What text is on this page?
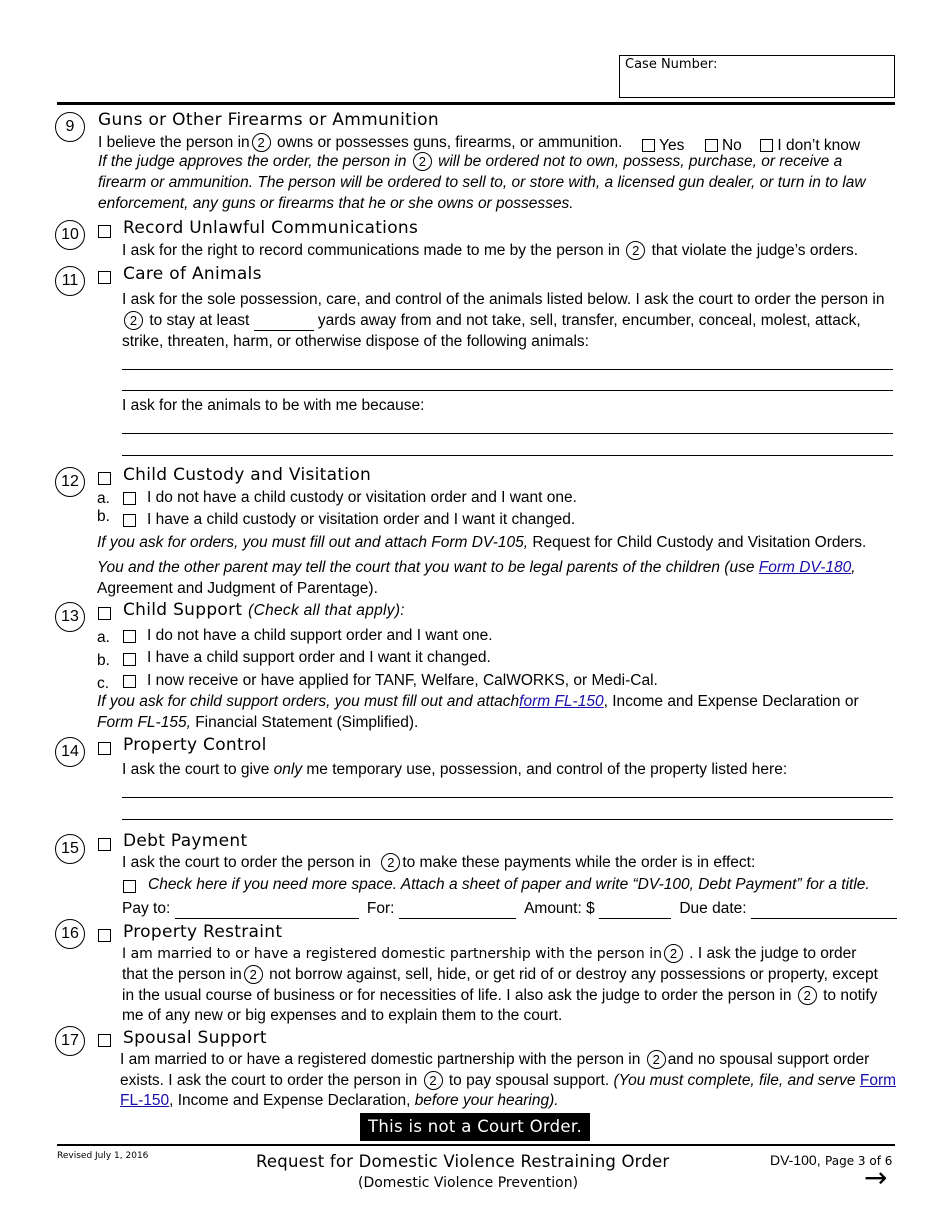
Case Number:
9	Guns or Other Firearms or Ammunition
I believe the person in 2 owns or possesses guns, firearms, or ammunition.	Yes No I don’t know
If the judge approves the order, the person in 2 will be ordered not to own, possess, purchase, or receive a
firearm or ammunition. The person will be ordered to sell to, or store with, a licensed gun dealer, or turn in to law
enforcement, any guns or firearms that he or she owns or possesses.
10	Record Unlawful Communications
I ask for the right to record communications made to me by the person in 2 that violate the judge’s orders.
11	Care of Animals
I ask for the sole possession, care, and control of the animals listed below. I ask the court to order the person in
2 to stay at least	yards away from and not take, sell, transfer, encumber, conceal, molest, attack,
strike, threaten, harm, or otherwise dispose of the following animals:
I ask for the animals to be with me because:
12	Child Custody and Visitation
a. I do not have a child custody or visitation order and I want one.
b. I have a child custody or visitation order and I want it changed.
If you ask for orders, you must fill out and attach Form DV-105, Request for Child Custody and Visitation Orders.
You and the other parent may tell the court that you want to be legal parents of the children (use Form DV-180,
Agreement and Judgment of Parentage).
13	Child Support (Check all that apply):
a. I do not have a child support order and I want one.
b. I have a child support order and I want it changed.
c. I now receive or have applied for TANF, Welfare, CalWORKS, or Medi-Cal.
If you ask for child support orders, you must fill out and attachform FL-150, Income and Expense Declaration or
Form FL-155, Financial Statement (Simplified).
14	Property Control
I ask the court to give only me temporary use, possession, and control of the property listed here:
15	Debt Payment
I ask the court to order the person in 2 to make these payments while the order is in effect:
Check here if you need more space. Attach a sheet of paper and write “DV-100, Debt Payment” for a title.
Pay to:	For:	Amount: $	Due date:
16	Property Restraint
I am married to or have a registered domestic partnership with the person in 2 . I ask the judge to order
that the person in 2 not borrow against, sell, hide, or get rid of or destroy any possessions or property, except
in the usual course of business or for necessities of life. I also ask the judge to order the person in 2 to notify
me of any new or big expenses and to explain them to the court.
17	Spousal Support
I am married to or have a registered domestic partnership with the person in 2 and no spousal support order
exists. I ask the court to order the person in 2 to pay spousal support. (You must complete, file, and serve Form
FL-150, Income and Expense Declaration, before your hearing).
This is not a Court Order.
Revised July 1, 2016	Request for Domestic Violence Restraining Order
(Domestic Violence Prevention)
DV-100, Page 3 of 6
→
